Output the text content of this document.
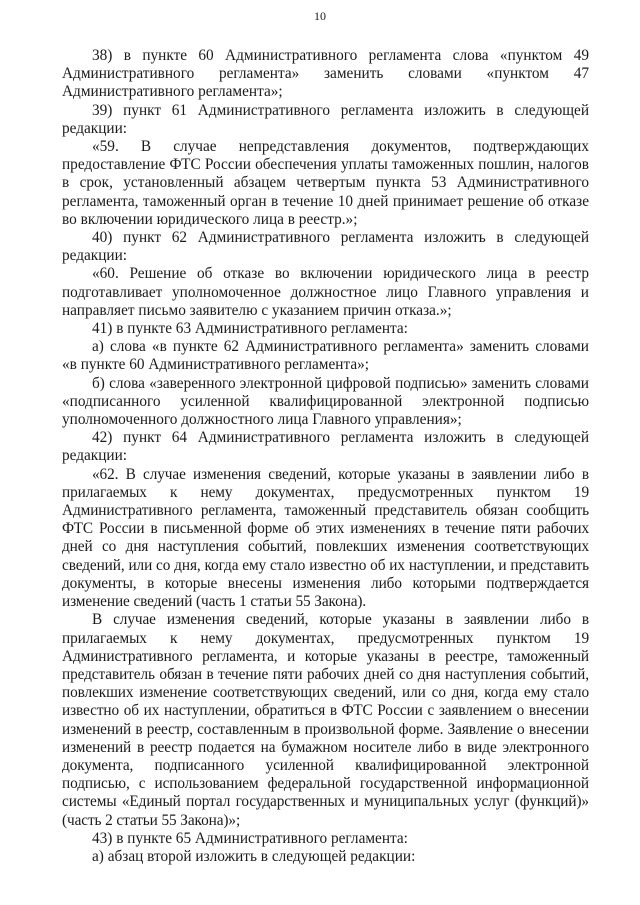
10

38) в пункте 60 Административного регламента слова «пунктом 49 Административного регламента» заменить словами «пунктом 47 Административного регламента»;

39) пункт 61 Административного регламента изложить в следующей редакции:

«59. В случае непредставления документов, подтверждающих предоставление ФТС России обеспечения уплаты таможенных пошлин, налогов в срок, установленный абзацем четвертым пункта 53 Административного регламента, таможенный орган в течение 10 дней принимает решение об отказе во включении юридического лица в реестр.»;

40) пункт 62 Административного регламента изложить в следующей редакции:

«60. Решение об отказе во включении юридического лица в реестр подготавливает уполномоченное должностное лицо Главного управления и направляет письмо заявителю с указанием причин отказа.»;

41) в пункте 63 Административного регламента:

а) слова «в пункте 62 Административного регламента» заменить словами «в пункте 60 Административного регламента»;

б) слова «заверенного электронной цифровой подписью» заменить словами «подписанного усиленной квалифицированной электронной подписью уполномоченного должностного лица Главного управления»;

42) пункт 64 Административного регламента изложить в следующей редакции:

«62. В случае изменения сведений, которые указаны в заявлении либо в прилагаемых к нему документах, предусмотренных пунктом 19 Административного регламента, таможенный представитель обязан сообщить ФТС России в письменной форме об этих изменениях в течение пяти рабочих дней со дня наступления событий, повлекших изменения соответствующих сведений, или со дня, когда ему стало известно об их наступлении, и представить документы, в которые внесены изменения либо которыми подтверждается изменение сведений (часть 1 статьи 55 Закона).

В случае изменения сведений, которые указаны в заявлении либо в прилагаемых к нему документах, предусмотренных пунктом 19 Административного регламента, и которые указаны в реестре, таможенный представитель обязан в течение пяти рабочих дней со дня наступления событий, повлекших изменение соответствующих сведений, или со дня, когда ему стало известно об их наступлении, обратиться в ФТС России с заявлением о внесении изменений в реестр, составленным в произвольной форме. Заявление о внесении изменений в реестр подается на бумажном носителе либо в виде электронного документа, подписанного усиленной квалифицированной электронной подписью, с использованием федеральной государственной информационной системы «Единый портал государственных и муниципальных услуг (функций)» (часть 2 статьи 55 Закона)»;

43) в пункте 65 Административного регламента:

а) абзац второй изложить в следующей редакции:
